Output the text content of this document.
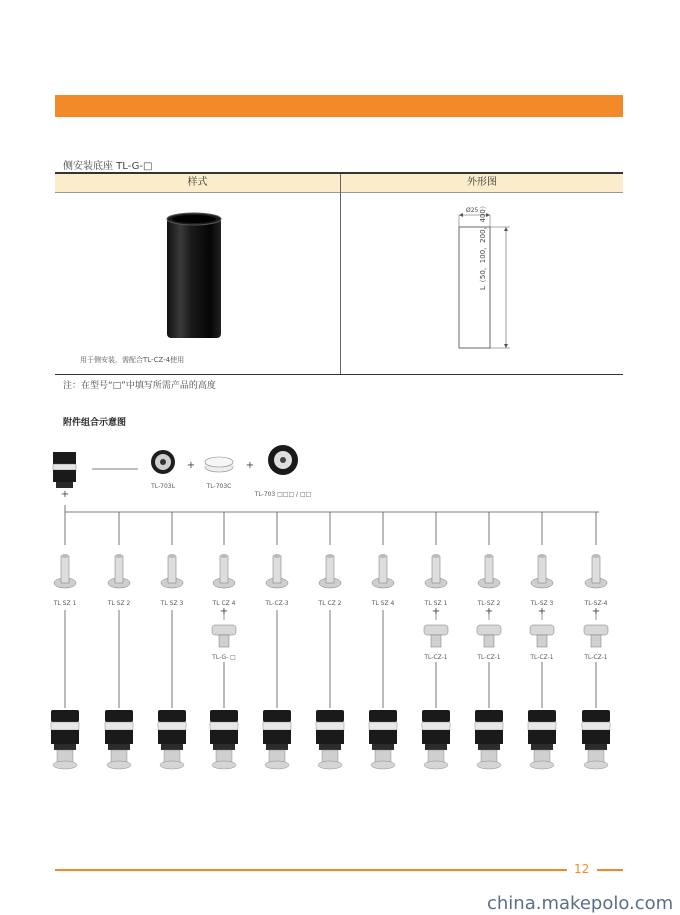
侧安装底座 TL-G-□
样式	外形图
用于侧安装，需配合TL-CZ-4使用
Ø25 L（50，100，200，400）
注：在型号“□”中填写所需产品的高度
附件组合示意图
TL-703L	TL-703C
TL-703 □□□ / □□
+	+
+
TL SZ 1	TL SZ 2	TL SZ 3	TL CZ 4
+
TL-G- □
TL-CZ-3	TL CZ 2	TL SZ 4	TL SZ 1
+
TL-CZ-1
TL-SZ 2
+
TL-CZ-1
TL-SZ 3
+
TL-CZ-1
TL-SZ-4
+
TL-CZ-1
12
china.makepolo.com
